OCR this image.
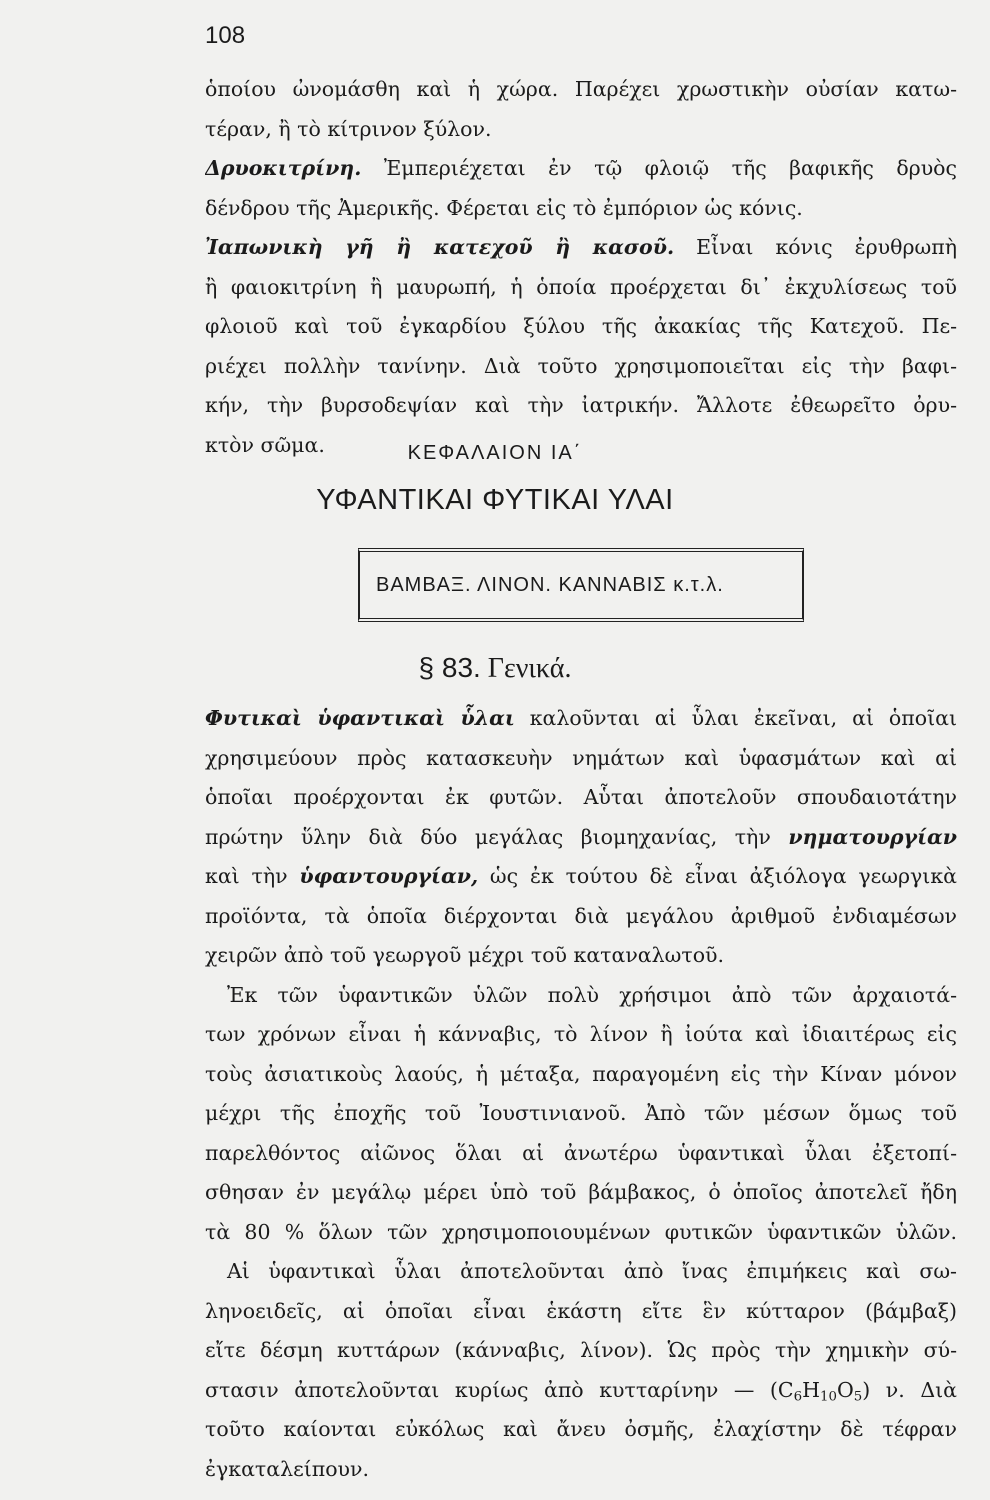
108
ὁποίου ὠνομάσθη καὶ ἡ χώρα. Παρέχει χρωστικὴν οὐσίαν κατω-
τέραν, ἢ τὸ κίτρινον ξύλον.
Δρυοκιτρίνη. Ἐμπεριέχεται ἐν τῷ φλοιῷ τῆς βαφικῆς δρυὸς
δένδρου τῆς Ἀμερικῆς. Φέρεται εἰς τὸ ἐμπόριον ὡς κόνις.
Ἰαπωνικὴ γῆ ἢ κατεχοῦ ἢ κασοῦ. Εἶναι κόνις ἐρυθρωπὴ
ἢ φαιοκιτρίνη ἢ μαυρωπή, ἡ ὁποία προέρχεται δι᾽ ἐκχυλίσεως τοῦ
φλοιοῦ καὶ τοῦ ἐγκαρδίου ξύλου τῆς ἀκακίας τῆς Κατεχοῦ. Πε-
ριέχει πολλὴν τανίνην. Διὰ τοῦτο χρησιμοποιεῖται εἰς τὴν βαφι-
κήν, τὴν βυρσοδεψίαν καὶ τὴν ἰατρικήν. Ἄλλοτε ἐθεωρεῖτο ὀρυ-
κτὸν σῶμα.	ΚΕΦΑΛΑΙΟΝ ΙΑ΄
ΥΦΑΝΤΙΚΑΙ ΦΥΤΙΚΑΙ ΥΛΑΙ
ΒΑΜΒΑΞ. ΛΙΝΟΝ. ΚΑΝΝΑΒΙΣ κ.τ.λ.
§ 83. Γενικά.
Φυτικαὶ ὑφαντικαὶ ὗλαι καλοῦνται αἱ ὗλαι ἐκεῖναι, αἱ ὁποῖαι
χρησιμεύουν πρὸς κατασκευὴν νημάτων καὶ ὑφασμάτων καὶ αἱ
ὁποῖαι προέρχονται ἐκ φυτῶν. Αὗται ἀποτελοῦν σπουδαιοτάτην
πρώτην ὕλην διὰ δύο μεγάλας βιομηχανίας, τὴν νηματουργίαν
καὶ τὴν ὑφαντουργίαν, ὡς ἐκ τούτου δὲ εἶναι ἀξιόλογα γεωργικὰ
προϊόντα, τὰ ὁποῖα διέρχονται διὰ μεγάλου ἀριθμοῦ ἐνδιαμέσων
χειρῶν ἀπὸ τοῦ γεωργοῦ μέχρι τοῦ καταναλωτοῦ.
Ἐκ τῶν ὑφαντικῶν ὑλῶν πολὺ χρήσιμοι ἀπὸ τῶν ἀρχαιοτά-
των χρόνων εἶναι ἡ κάνναβις, τὸ λίνον ἢ ἰούτα καὶ ἰδιαιτέρως εἰς
τοὺς ἀσιατικοὺς λαούς, ἡ μέταξα, παραγομένη εἰς τὴν Κίναν μόνον
μέχρι τῆς ἐποχῆς τοῦ Ἰουστινιανοῦ. Ἀπὸ τῶν μέσων ὅμως τοῦ
παρελθόντος αἰῶνος ὅλαι αἱ ἀνωτέρω ὑφαντικαὶ ὗλαι ἐξετοπί-
σθησαν ἐν μεγάλῳ μέρει ὑπὸ τοῦ βάμβακος, ὁ ὁποῖος ἀποτελεῖ ἤδη
τὰ 80 % ὅλων τῶν χρησιμοποιουμένων φυτικῶν ὑφαντικῶν ὑλῶν.
Αἱ ὑφαντικαὶ ὗλαι ἀποτελοῦνται ἀπὸ ἴνας ἐπιμήκεις καὶ σω-
ληνοειδεῖς, αἱ ὁποῖαι εἶναι ἑκάστη εἴτε ἓν κύτταρον (βάμβαξ)
εἴτε δέσμη κυττάρων (κάνναβις, λίνον). Ὡς πρὸς τὴν χημικὴν σύ-
στασιν ἀποτελοῦνται κυρίως ἀπὸ κυτταρίνην — $(C_6H_{10}O_5)$ ν. Διὰ
τοῦτο καίονται εὐκόλως καὶ ἄνευ ὀσμῆς, ἐλαχίστην δὲ τέφραν
ἐγκαταλείπουν.
